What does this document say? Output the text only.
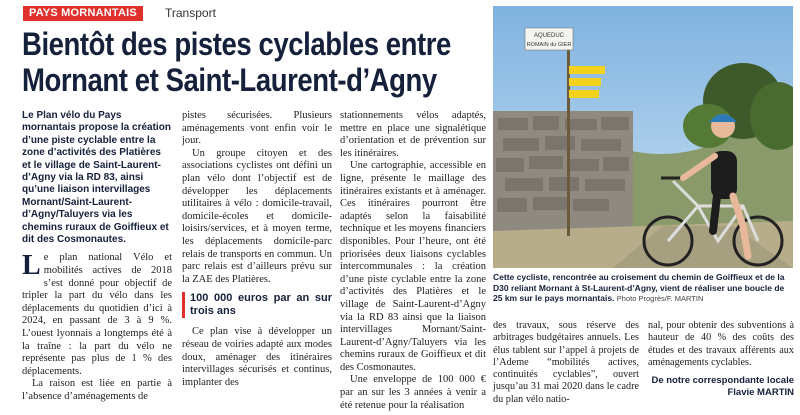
PAYS MORNANTAIS	Transport
Bientôt des pistes cyclables entre
Mornant et Saint-Laurent-d’Agny

Le Plan vélo du Pays mornantais propose la création d’une piste cyclable entre la zone d’activités des Platières et le village de Saint-Laurent-d’Agny via la RD 83, ainsi qu’une liaison intervillages Mornant/Saint-Laurent-d’Agny/Taluyers via les chemins ruraux de Goiffieux et dit des Cosmonautes.

Le plan national Vélo et mobilités actives de 2018 s’est donné pour objectif de tripler la part du vélo dans les déplacements du quotidien d’ici à 2024, en passant de 3 à 9 %. L’ouest lyonnais a longtemps été à la traîne : la part du vélo ne représente pas plus de 1 % des déplacements.

La raison est liée en partie à l’absence d’aménagements de

pistes sécurisées. Plusieurs aménagements vont enfin voir le jour.

Un groupe citoyen et des associations cyclistes ont défini un plan vélo dont l’objectif est de développer les déplacements utilitaires à vélo : domicile-travail, domicile-écoles et domicile-loisirs/services, et à moyen terme, les déplacements domicile-parc relais de transports en commun. Un parc relais est d’ailleurs prévu sur la ZAE des Platières.

100 000 euros par an sur trois ans

Ce plan vise à développer un réseau de voiries adapté aux modes doux, aménager des itinéraires intervillages sécurisés et continus, implanter des

stationnements vélos adaptés, mettre en place une signalétique d’orientation et de prévention sur les itinéraires.

Une cartographie, accessible en ligne, présente le maillage des itinéraires existants et à aménager. Ces itinéraires pourront être adaptés selon la faisabilité technique et les moyens financiers disponibles. Pour l’heure, ont été priorisées deux liaisons cyclables intercommunales : la création d’une piste cyclable entre la zone d’activités des Platières et le village de Saint-Laurent-d’Agny via la RD 83 ainsi que la liaison intervillages Mornant/Saint-Laurent-d’Agny/Taluyers via les chemins ruraux de Goiffieux et dit des Cosmonautes.

Une enveloppe de 100 000 € par an sur les 3 années à venir a été retenue pour la réalisation

AQUEDUC
ROMAIN du GIER
Cette cycliste, rencontrée au croisement du chemin de Goiffieux et de la D30 reliant Mornant à St-Laurent-d’Agny, vient de réaliser une boucle de 25 km sur le pays mornantais. Photo Progrès/F. MARTIN

des travaux, sous réserve des arbitrages budgétaires annuels. Les élus tablent sur l’appel à projets de l’Ademe “mobilités actives, continuités cyclables”, ouvert jusqu’au 31 mai 2020 dans le cadre du plan vélo natio-

nal, pour obtenir des subventions à hauteur de 40 % des coûts des études et des travaux afférents aux aménagements cyclables.

De notre correspondante locale
Flavie MARTIN
